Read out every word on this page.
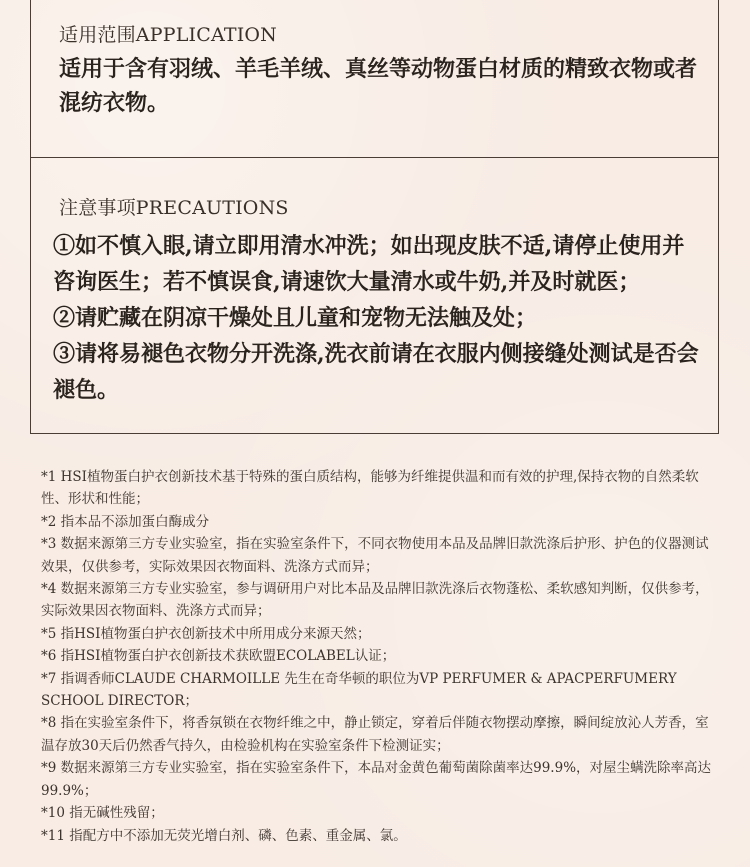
适用范围APPLICATION
适用于含有羽绒、羊毛羊绒、真丝等动物蛋白材质的精致衣物或者混纺衣物。
注意事项PRECAUTIONS
①如不慎入眼,请立即用清水冲洗；如出现皮肤不适,请停止使用并咨询医生；若不慎误食,请速饮大量清水或牛奶,并及时就医；
②请贮藏在阴凉干燥处且儿童和宠物无法触及处；
③请将易褪色衣物分开洗涤,洗衣前请在衣服内侧接缝处测试是否会褪色。
*1 HSI植物蛋白护衣创新技术基于特殊的蛋白质结构，能够为纤维提供温和而有效的护理,保持衣物的自然柔软性、形状和性能；
*2 指本品不添加蛋白酶成分
*3 数据来源第三方专业实验室，指在实验室条件下，不同衣物使用本品及品牌旧款洗涤后护形、护色的仪器测试效果，仅供参考，实际效果因衣物面料、洗涤方式而异；
*4 数据来源第三方专业实验室，参与调研用户对比本品及品牌旧款洗涤后衣物蓬松、柔软感知判断，仅供参考，实际效果因衣物面料、洗涤方式而异；
*5 指HSI植物蛋白护衣创新技术中所用成分来源天然；
*6 指HSI植物蛋白护衣创新技术获欧盟ECOLABEL认证；
*7 指调香师CLAUDE CHARMOILLE 先生在奇华顿的职位为VP PERFUMER & APACPERFUMERY SCHOOL DIRECTOR；
*8 指在实验室条件下，将香氛锁在衣物纤维之中，静止锁定，穿着后伴随衣物摆动摩擦，瞬间绽放沁人芳香，室温存放30天后仍然香气持久，由检验机构在实验室条件下检测证实；
*9 数据来源第三方专业实验室，指在实验室条件下，本品对金黄色葡萄菌除菌率达99.9%，对屋尘螨洗除率高达99.9%；
*10 指无碱性残留；
*11 指配方中不添加无荧光增白剂、磷、色素、重金属、氯。
